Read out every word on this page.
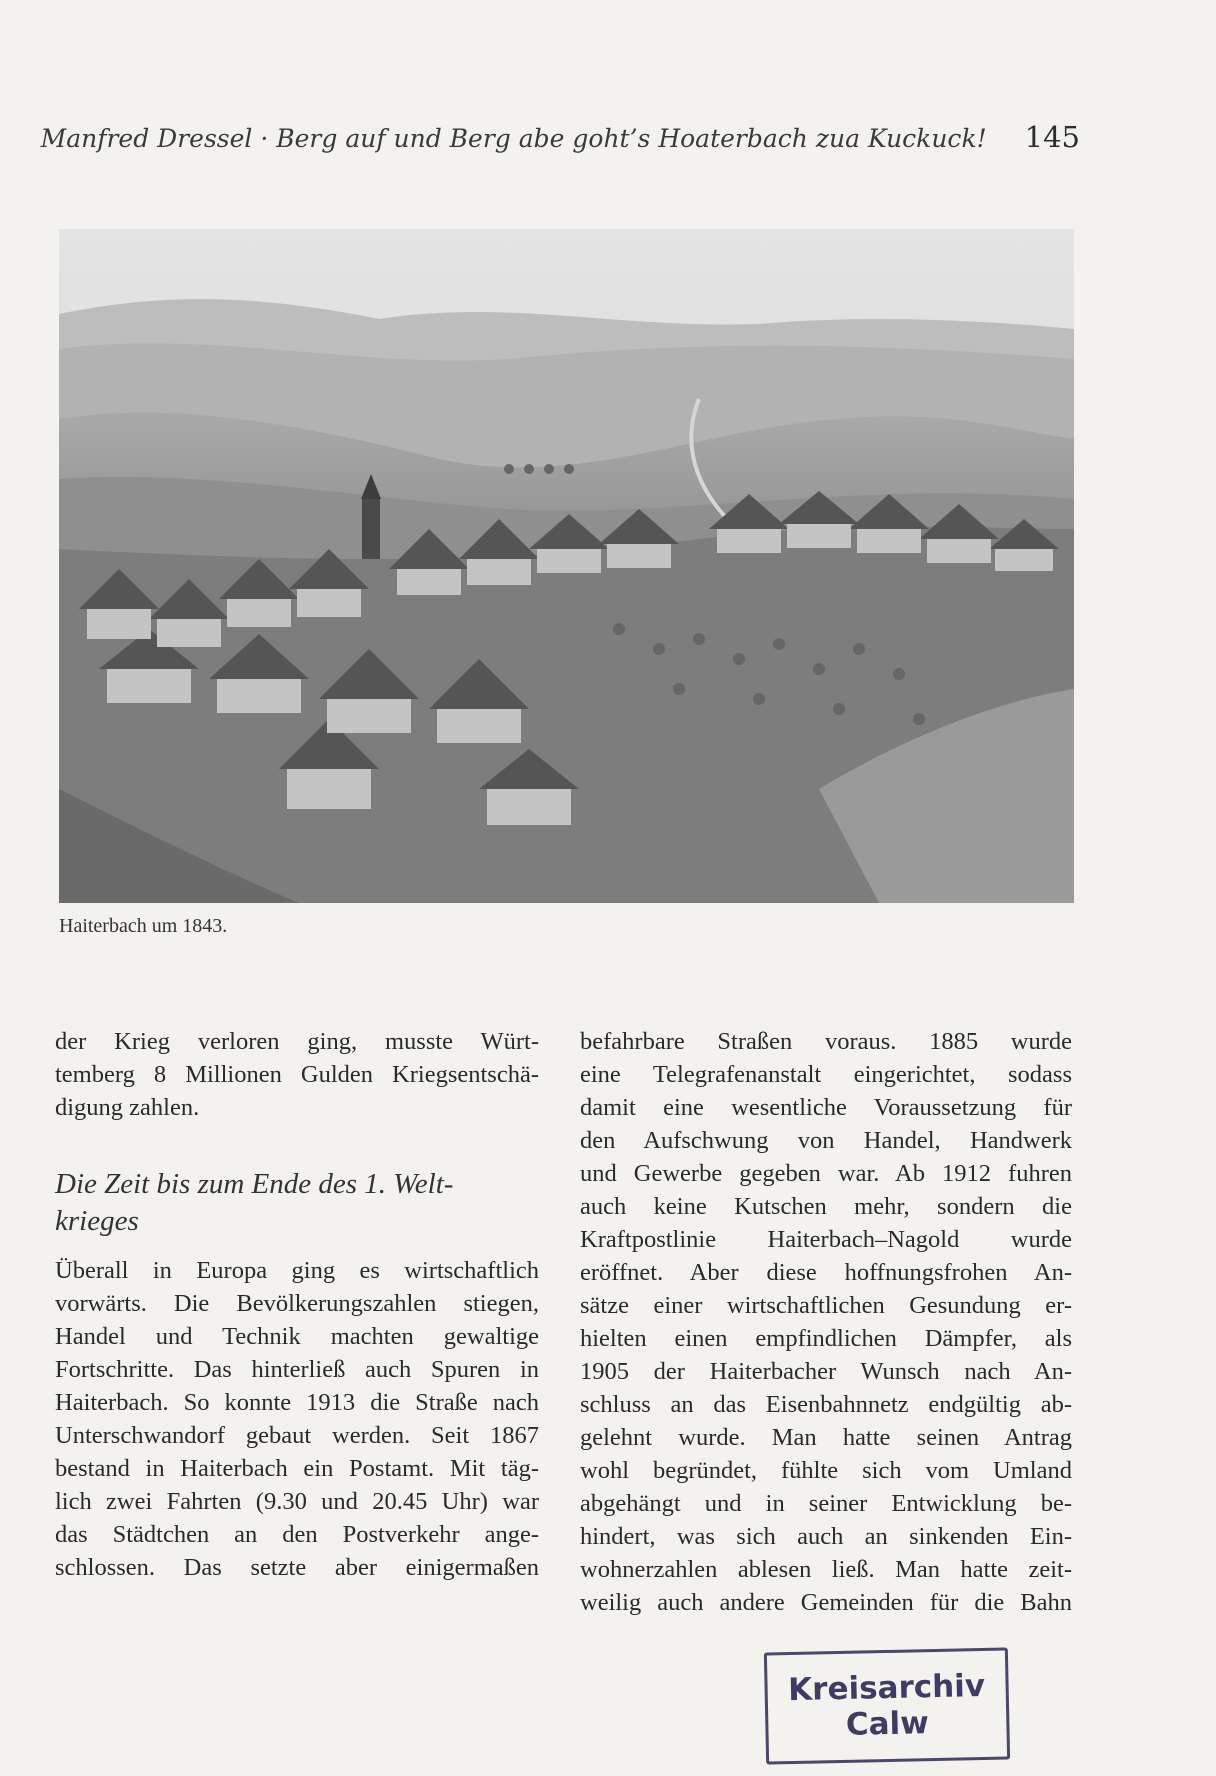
Manfred Dressel · Berg auf und Berg abe goht’s Hoaterbach zua Kuckuck! 145
Haiterbach um 1843.
der Krieg verloren ging, musste Würt-
temberg 8 Millionen Gulden Kriegsentschä-
digung zahlen.
Die Zeit bis zum Ende des 1. Welt-
krieges
Überall in Europa ging es wirtschaftlich
vorwärts. Die Bevölkerungszahlen stiegen,
Handel und Technik machten gewaltige
Fortschritte. Das hinterließ auch Spuren in
Haiterbach. So konnte 1913 die Straße nach
Unterschwandorf gebaut werden. Seit 1867
bestand in Haiterbach ein Postamt. Mit täg-
lich zwei Fahrten (9.30 und 20.45 Uhr) war
das Städtchen an den Postverkehr ange-
schlossen. Das setzte aber einigermaßen
befahrbare Straßen voraus. 1885 wurde
eine Telegrafenanstalt eingerichtet, sodass
damit eine wesentliche Voraussetzung für
den Aufschwung von Handel, Handwerk
und Gewerbe gegeben war. Ab 1912 fuhren
auch keine Kutschen mehr, sondern die
Kraftpostlinie Haiterbach–Nagold wurde
eröffnet. Aber diese hoffnungsfrohen An-
sätze einer wirtschaftlichen Gesundung er-
hielten einen empfindlichen Dämpfer, als
1905 der Haiterbacher Wunsch nach An-
schluss an das Eisenbahnnetz endgültig ab-
gelehnt wurde. Man hatte seinen Antrag
wohl begründet, fühlte sich vom Umland
abgehängt und in seiner Entwicklung be-
hindert, was sich auch an sinkenden Ein-
wohnerzahlen ablesen ließ. Man hatte zeit-
weilig auch andere Gemeinden für die Bahn
Kreisarchiv
Calw
